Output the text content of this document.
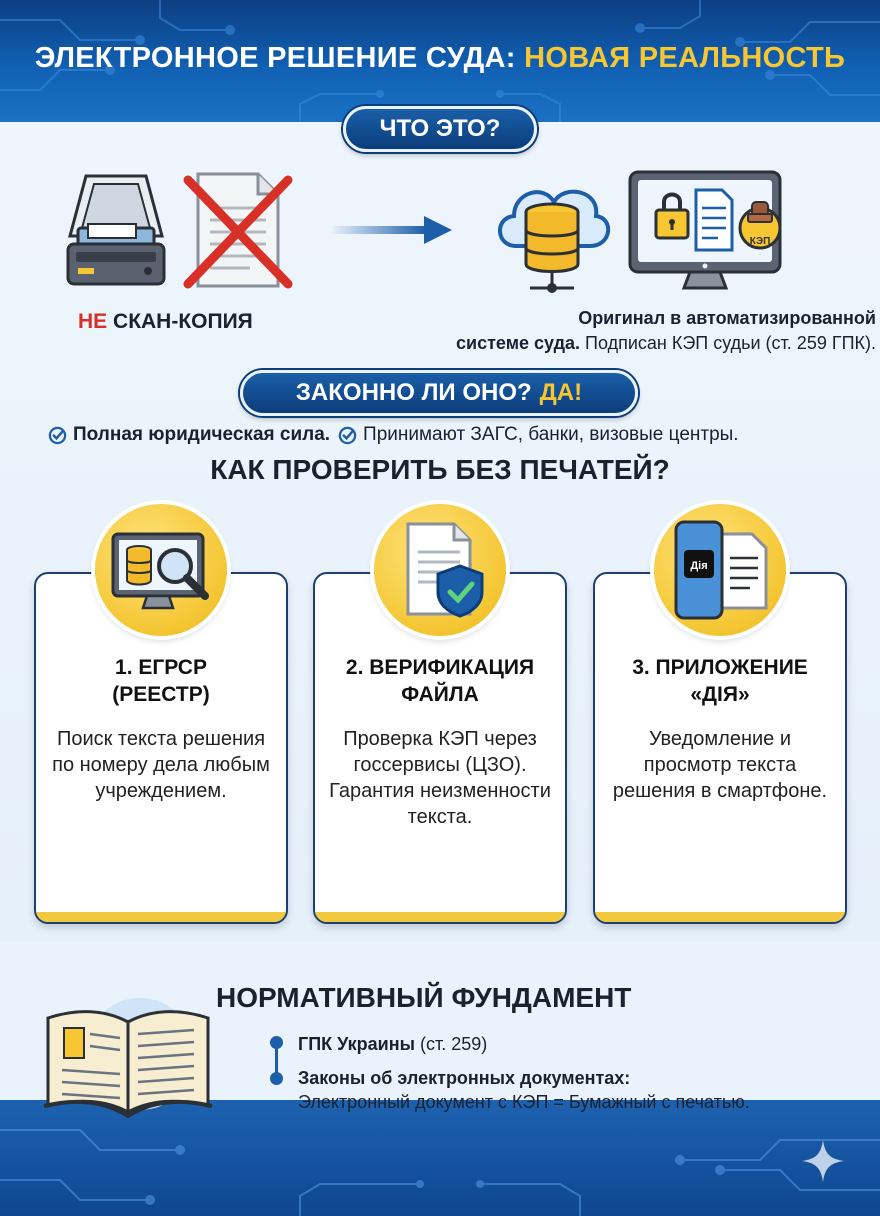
ЭЛЕКТРОННОЕ РЕШЕНИЕ СУДА: НОВАЯ РЕАЛЬНОСТЬ
ЧТО ЭТО?
КЭП
НЕ СКАН-КОПИЯ	Оригинал в автоматизированной
системе суда. Подписан КЭП судьи (ст. 259 ГПК).
ЗАКОННО ЛИ ОНО? ДА!
Полная юридическая сила. Принимают ЗАГС, банки, визовые центры.
КАК ПРОВЕРИТЬ БЕЗ ПЕЧАТЕЙ?
1. ЕГРСР
(РЕЕСТР)
Поиск текста решения по номеру дела любым учреждением.
2. ВЕРИФИКАЦИЯ
ФАЙЛА
Проверка КЭП через госсервисы (ЦЗО). Гарантия неизменности текста.
3. ПРИЛОЖЕНИЕ
«ДІЯ»
Уведомление и просмотр текста решения в смартфоне.
Дія
НОРМАТИВНЫЙ ФУНДАМЕНТ
ГПК Украины (ст. 259)
Законы об электронных документах:
Электронный документ с КЭП = Бумажный с печатью.
